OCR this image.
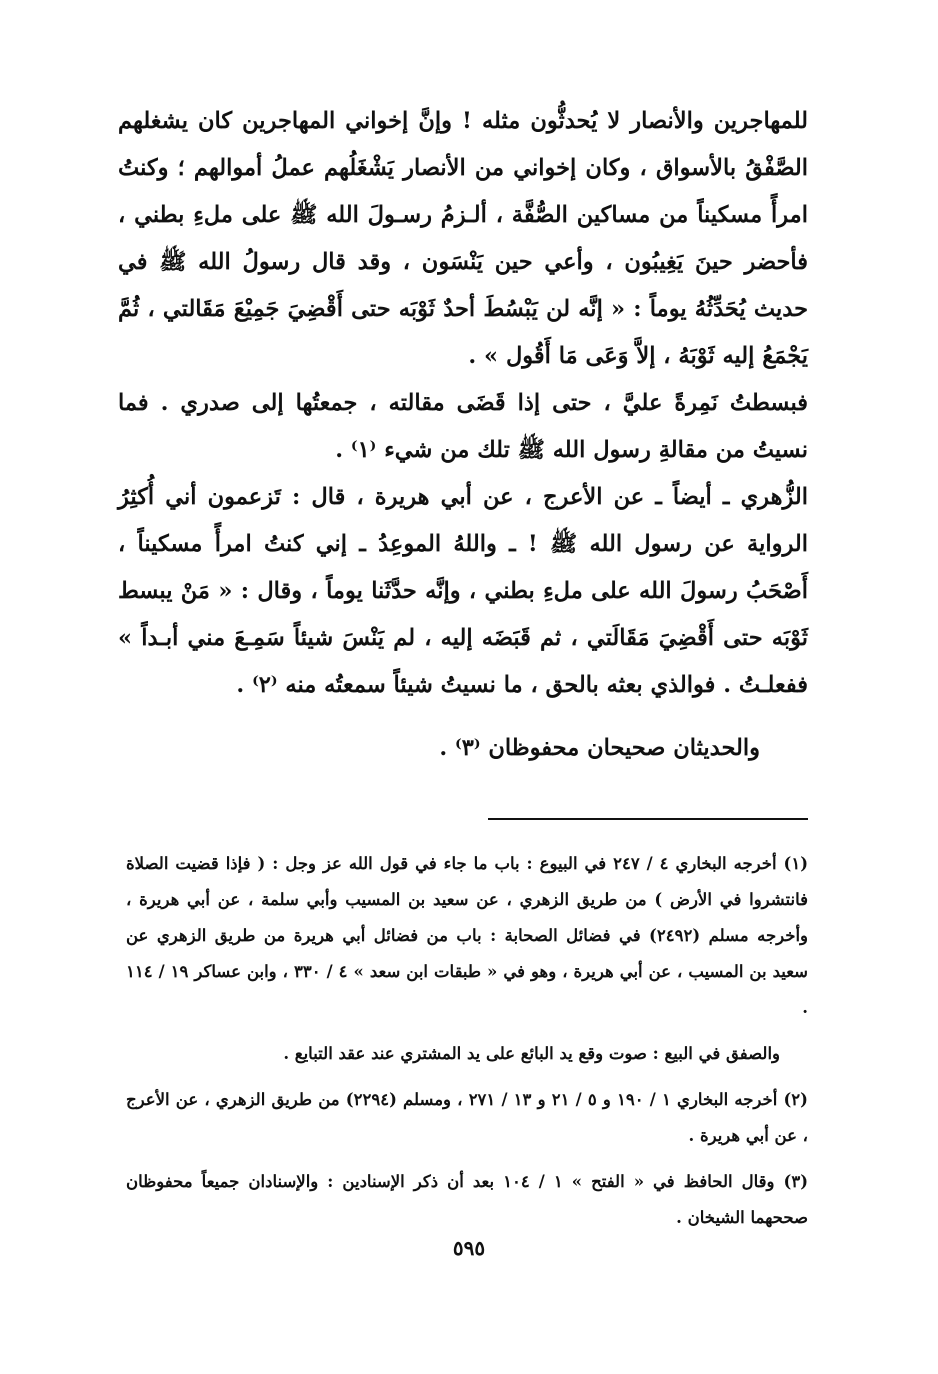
للمهاجرين والأنصار لا يُحدثُّون مثله ! وإنَّ إخواني المهاجرين كان يشغلهم الصَّفْقُ بالأسواق ، وكان إخواني من الأنصار يَشْغَلُهم عملُ أموالهم ؛ وكنتُ امرأً مسكيناً من مساكين الصُّفَّة ، ألـزمُ رسـولَ الله ﷺ على ملءِ بطني ، فأحضر حينَ يَغِيبُون ، وأعي حين يَنْسَون ، وقد قال رسولُ الله ﷺ في حديث يُحَدِّثُهُ يوماً : « إنَّه لن يَبْسُطَ أحدٌ ثَوْبَه حتى أَقْضِيَ جَمِيْعَ مَقَالتي ، ثُمَّ يَجْمَعُ إليه ثَوْبَهُ ، إلاَّ وَعَى مَا أَقُول » .

فبسطتُ نَمِرةً عليَّ ، حتى إذا قَضَى مقالته ، جمعتُها إلى صدري . فما نسيتُ من مقالةِ رسول الله ﷺ تلك من شيء ⁽١⁾ .

الزُّهري ـ أيضاً ـ عن الأعرج ، عن أبي هريرة ، قال : تَزعمون أني أُكثِرُ الرواية عن رسول الله ﷺ ! ـ واللهُ الموعِدُ ـ إني كنتُ امرأً مسكيناً ، أَصْحَبُ رسولَ الله على ملءِ بطني ، وإنَّه حدَّثَنا يوماً ، وقال : « مَنْ يبسط ثَوْبَه حتى أَقْضِيَ مَقَالَتي ، ثم قَبَضَه إليه ، لم يَنْسَ شيئاً سَمِـعَ مني أبـداً » ففعلـتُ . فوالذي بعثه بالحق ، ما نسيتُ شيئاً سمعتُه منه ⁽٢⁾ .

والحديثان صحيحان محفوظان ⁽٣⁾ .

(١) أخرجه البخاري ٤ / ٢٤٧ في البيوع : باب ما جاء في قول الله عز وجل : ( فإذا قضيت الصلاة فانتشروا في الأرض ) من طريق الزهري ، عن سعيد بن المسيب وأبي سلمة ، عن أبي هريرة ، وأخرجه مسلم (٢٤٩٢) في فضائل الصحابة : باب من فضائل أبي هريرة من طريق الزهري عن سعيد بن المسيب ، عن أبي هريرة ، وهو في « طبقات ابن سعد » ٤ / ٣٣٠ ، وابن عساكر ١٩ / ١١٤ .

والصفق في البيع : صوت وقع يد البائع على يد المشتري عند عقد التبايع .

(٢) أخرجه البخاري ١ / ١٩٠ و ٥ / ٢١ و ١٣ / ٢٧١ ، ومسلم (٢٢٩٤) من طريق الزهري ، عن الأعرج ، عن أبي هريرة .

(٣) وقال الحافظ في « الفتح » ١ / ١٠٤ بعد أن ذكر الإسنادين : والإسنادان جميعاً محفوظان صححهما الشيخان .

٥٩٥
